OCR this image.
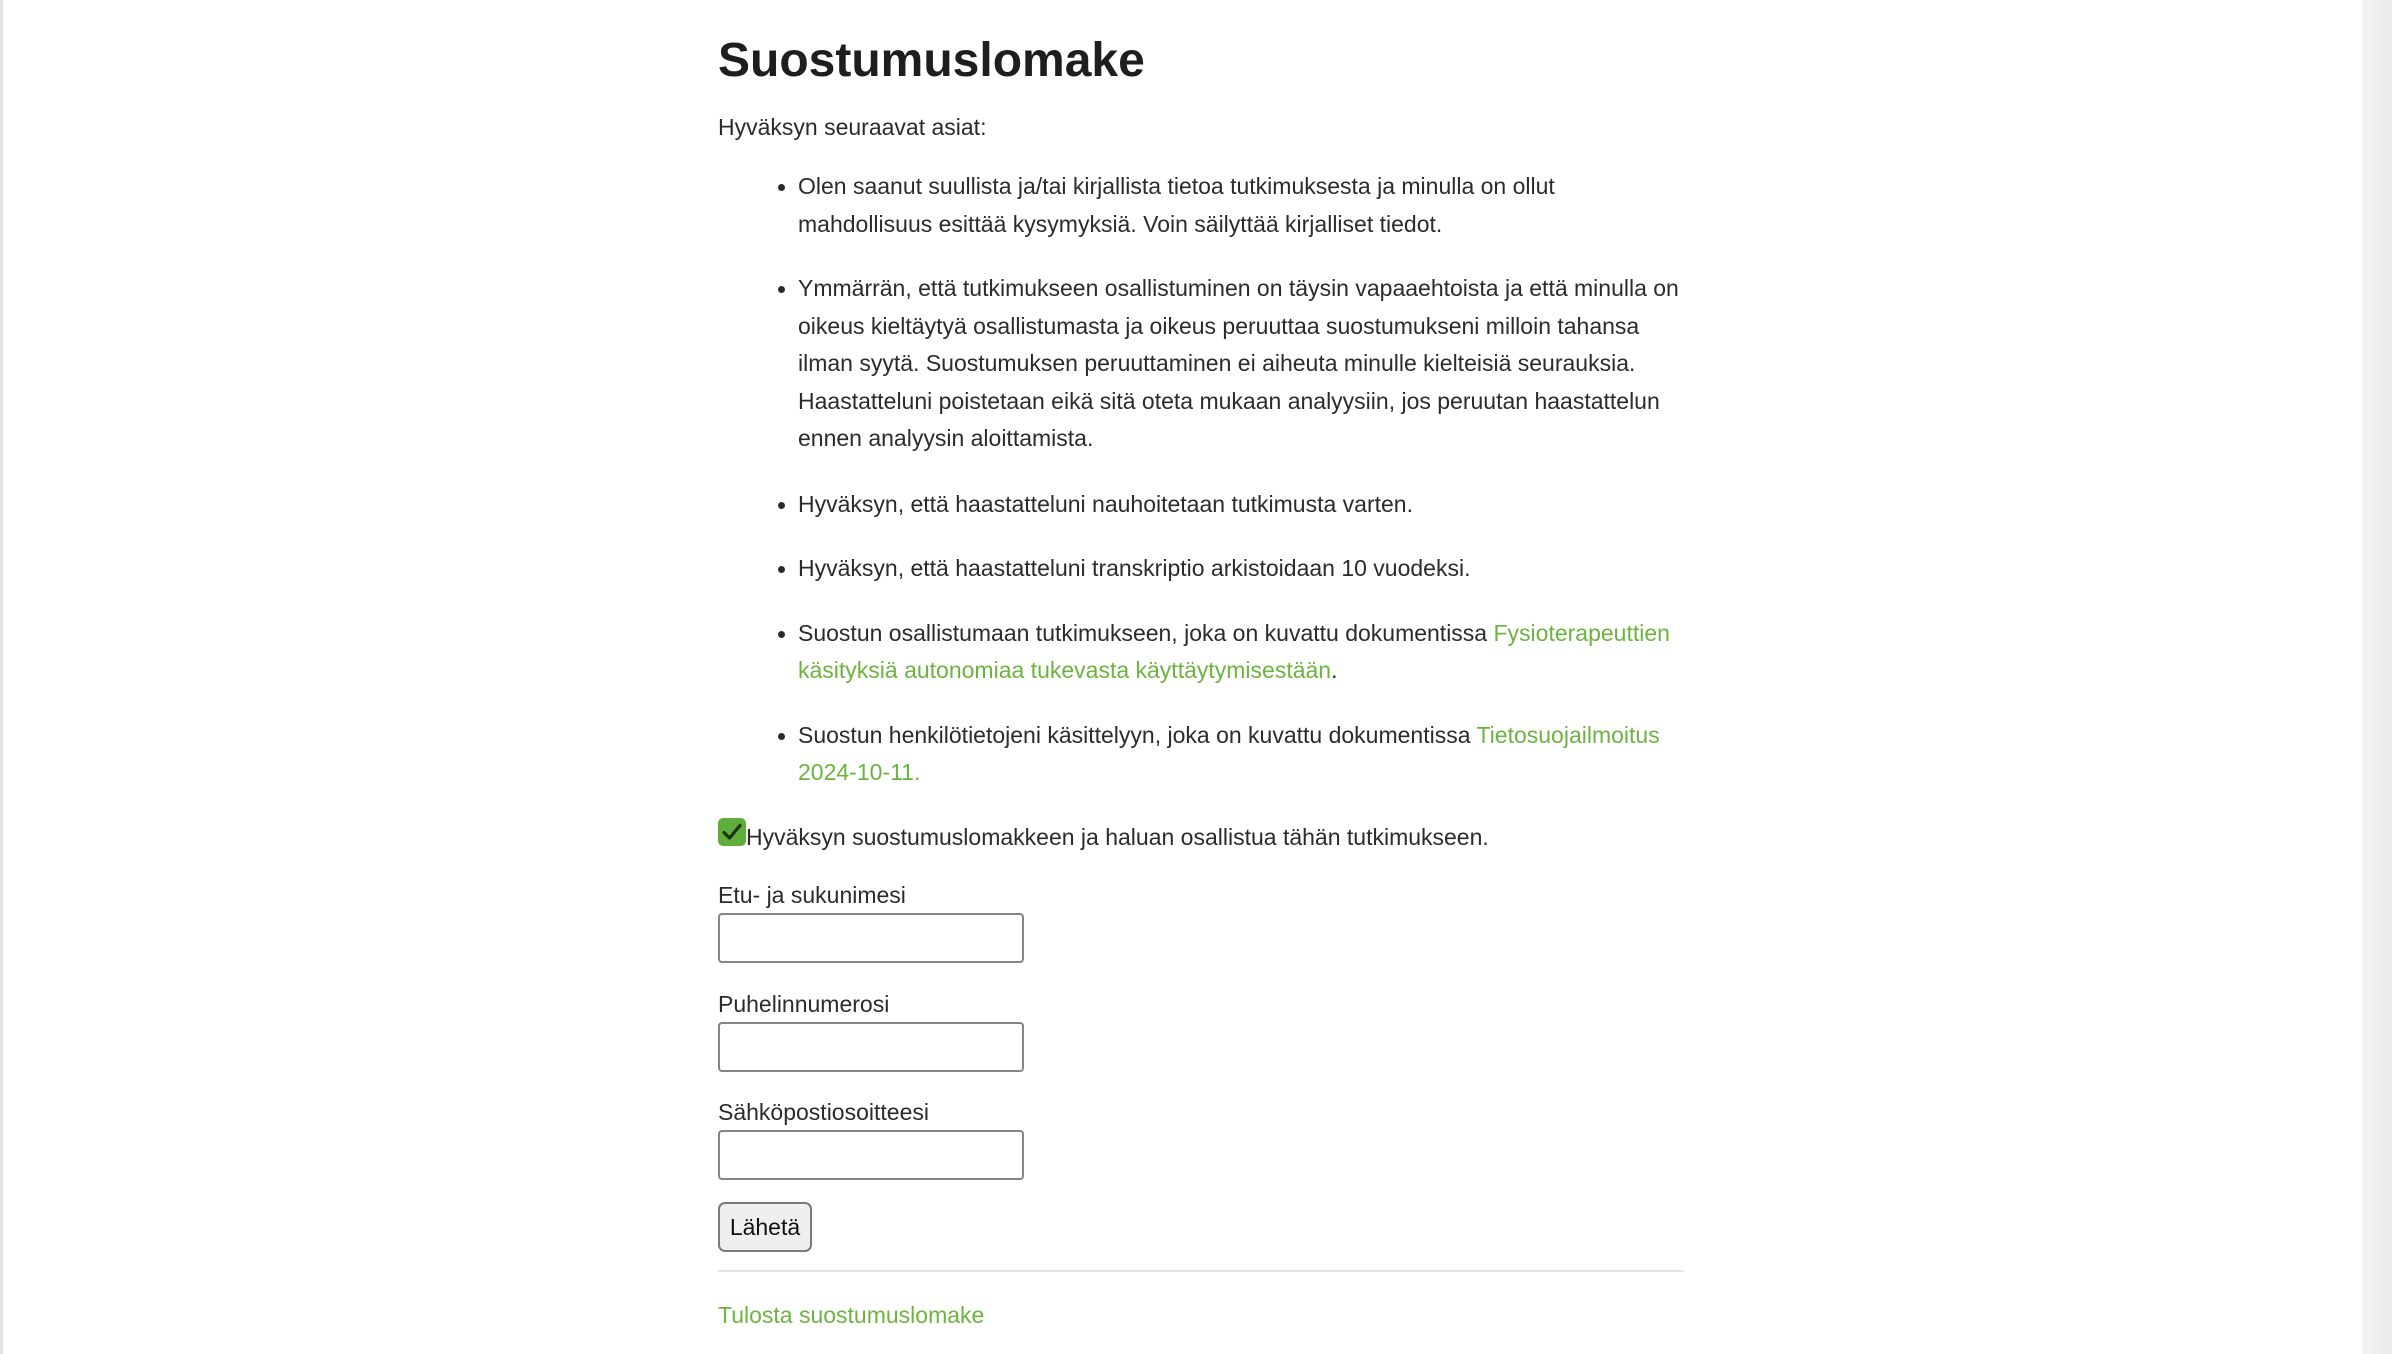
Suostumuslomake
Hyväksyn seuraavat asiat:
Olen saanut suullista ja/tai kirjallista tietoa tutkimuksesta ja minulla on ollut mahdollisuus esittää kysymyksiä. Voin säilyttää kirjalliset tiedot.
Ymmärrän, että tutkimukseen osallistuminen on täysin vapaaehtoista ja että minulla on oikeus kieltäytyä osallistumasta ja oikeus peruuttaa suostumukseni milloin tahansa ilman syytä. Suostumuksen peruuttaminen ei aiheuta minulle kielteisiä seurauksia. Haastatteluni poistetaan eikä sitä oteta mukaan analyysiin, jos peruutan haastattelun ennen analyysin aloittamista.
Hyväksyn, että haastatteluni nauhoitetaan tutkimusta varten.
Hyväksyn, että haastatteluni transkriptio arkistoidaan 10 vuodeksi.
Suostun osallistumaan tutkimukseen, joka on kuvattu dokumentissa Fysioterapeuttien käsityksiä autonomiaa tukevasta käyttäytymisestään.
Suostun henkilötietojeni käsittelyyn, joka on kuvattu dokumentissa Tietosuojailmoitus 2024-10-11.
Hyväksyn suostumuslomakkeen ja haluan osallistua tähän tutkimukseen.
Etu- ja sukunimesi
Puhelinnumerosi
Sähköpostiosoitteesi
Lähetä
Tulosta suostumuslomake
